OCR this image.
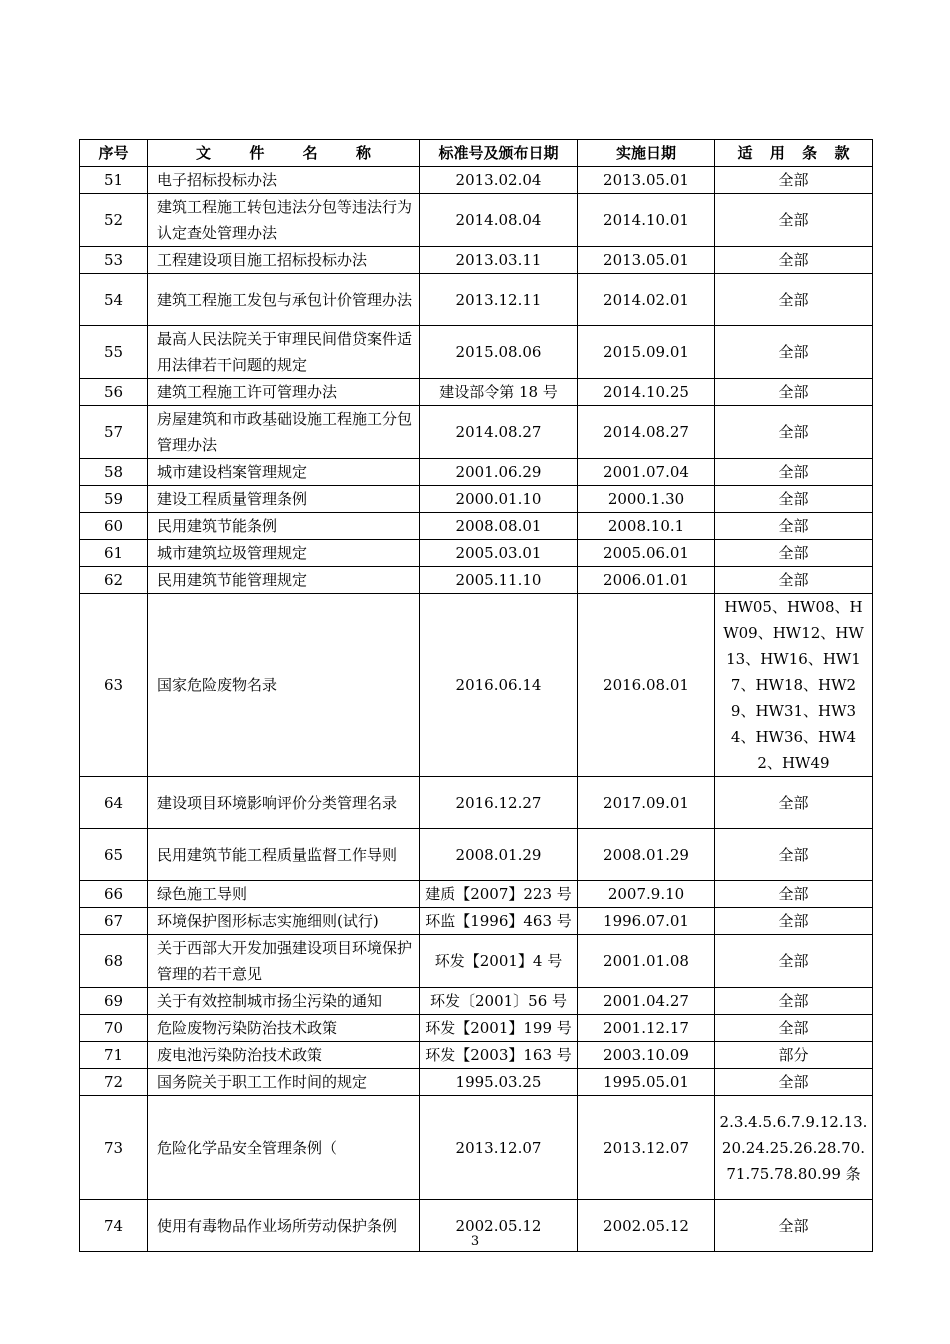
序号	文 件 名 称	标准号及颁布日期	实施日期	适 用 条 款

51	电子招标投标办法	2013.02.04	2013.05.01	全部
52	建筑工程施工转包违法分包等违法行为认定查处管理办法	2014.08.04	2014.10.01	全部
53	工程建设项目施工招标投标办法	2013.03.11	2013.05.01	全部
54	建筑工程施工发包与承包计价管理办法	2013.12.11	2014.02.01	全部
55	最高人民法院关于审理民间借贷案件适用法律若干问题的规定	2015.08.06	2015.09.01	全部
56	建筑工程施工许可管理办法	建设部令第 18 号	2014.10.25	全部
57	房屋建筑和市政基础设施工程施工分包管理办法	2014.08.27	2014.08.27	全部
58	城市建设档案管理规定	2001.06.29	2001.07.04	全部
59	建设工程质量管理条例	2000.01.10	2000.1.30	全部
60	民用建筑节能条例	2008.08.01	2008.10.1	全部
61	城市建筑垃圾管理规定	2005.03.01	2005.06.01	全部
62	民用建筑节能管理规定	2005.11.10	2006.01.01	全部
63	国家危险废物名录	2016.06.14	2016.08.01	HW05、HW08、HW09、HW12、HW13、HW16、HW17、HW18、HW29、HW31、HW34、HW36、HW42、HW49
64	建设项目环境影响评价分类管理名录	2016.12.27	2017.09.01	全部
65	民用建筑节能工程质量监督工作导则	2008.01.29	2008.01.29	全部
66	绿色施工导则	建质【2007】223 号	2007.9.10	全部
67	环境保护图形标志实施细则(试行)	环监【1996】463 号	1996.07.01	全部
68	关于西部大开发加强建设项目环境保护管理的若干意见	环发【2001】4 号	2001.01.08	全部
69	关于有效控制城市扬尘污染的通知	环发〔2001〕56 号	2001.04.27	全部
70	危险废物污染防治技术政策	环发【2001】199 号	2001.12.17	全部
71	废电池污染防治技术政策	环发【2003】163 号	2003.10.09	部分
72	国务院关于职工工作时间的规定	1995.03.25	1995.05.01	全部
73	危险化学品安全管理条例（	2013.12.07	2013.12.07	2.3.4.5.6.7.9.12.13.20.24.25.26.28.70.71.75.78.80.99 条
74	使用有毒物品作业场所劳动保护条例	2002.05.12	2002.05.12	全部
3
